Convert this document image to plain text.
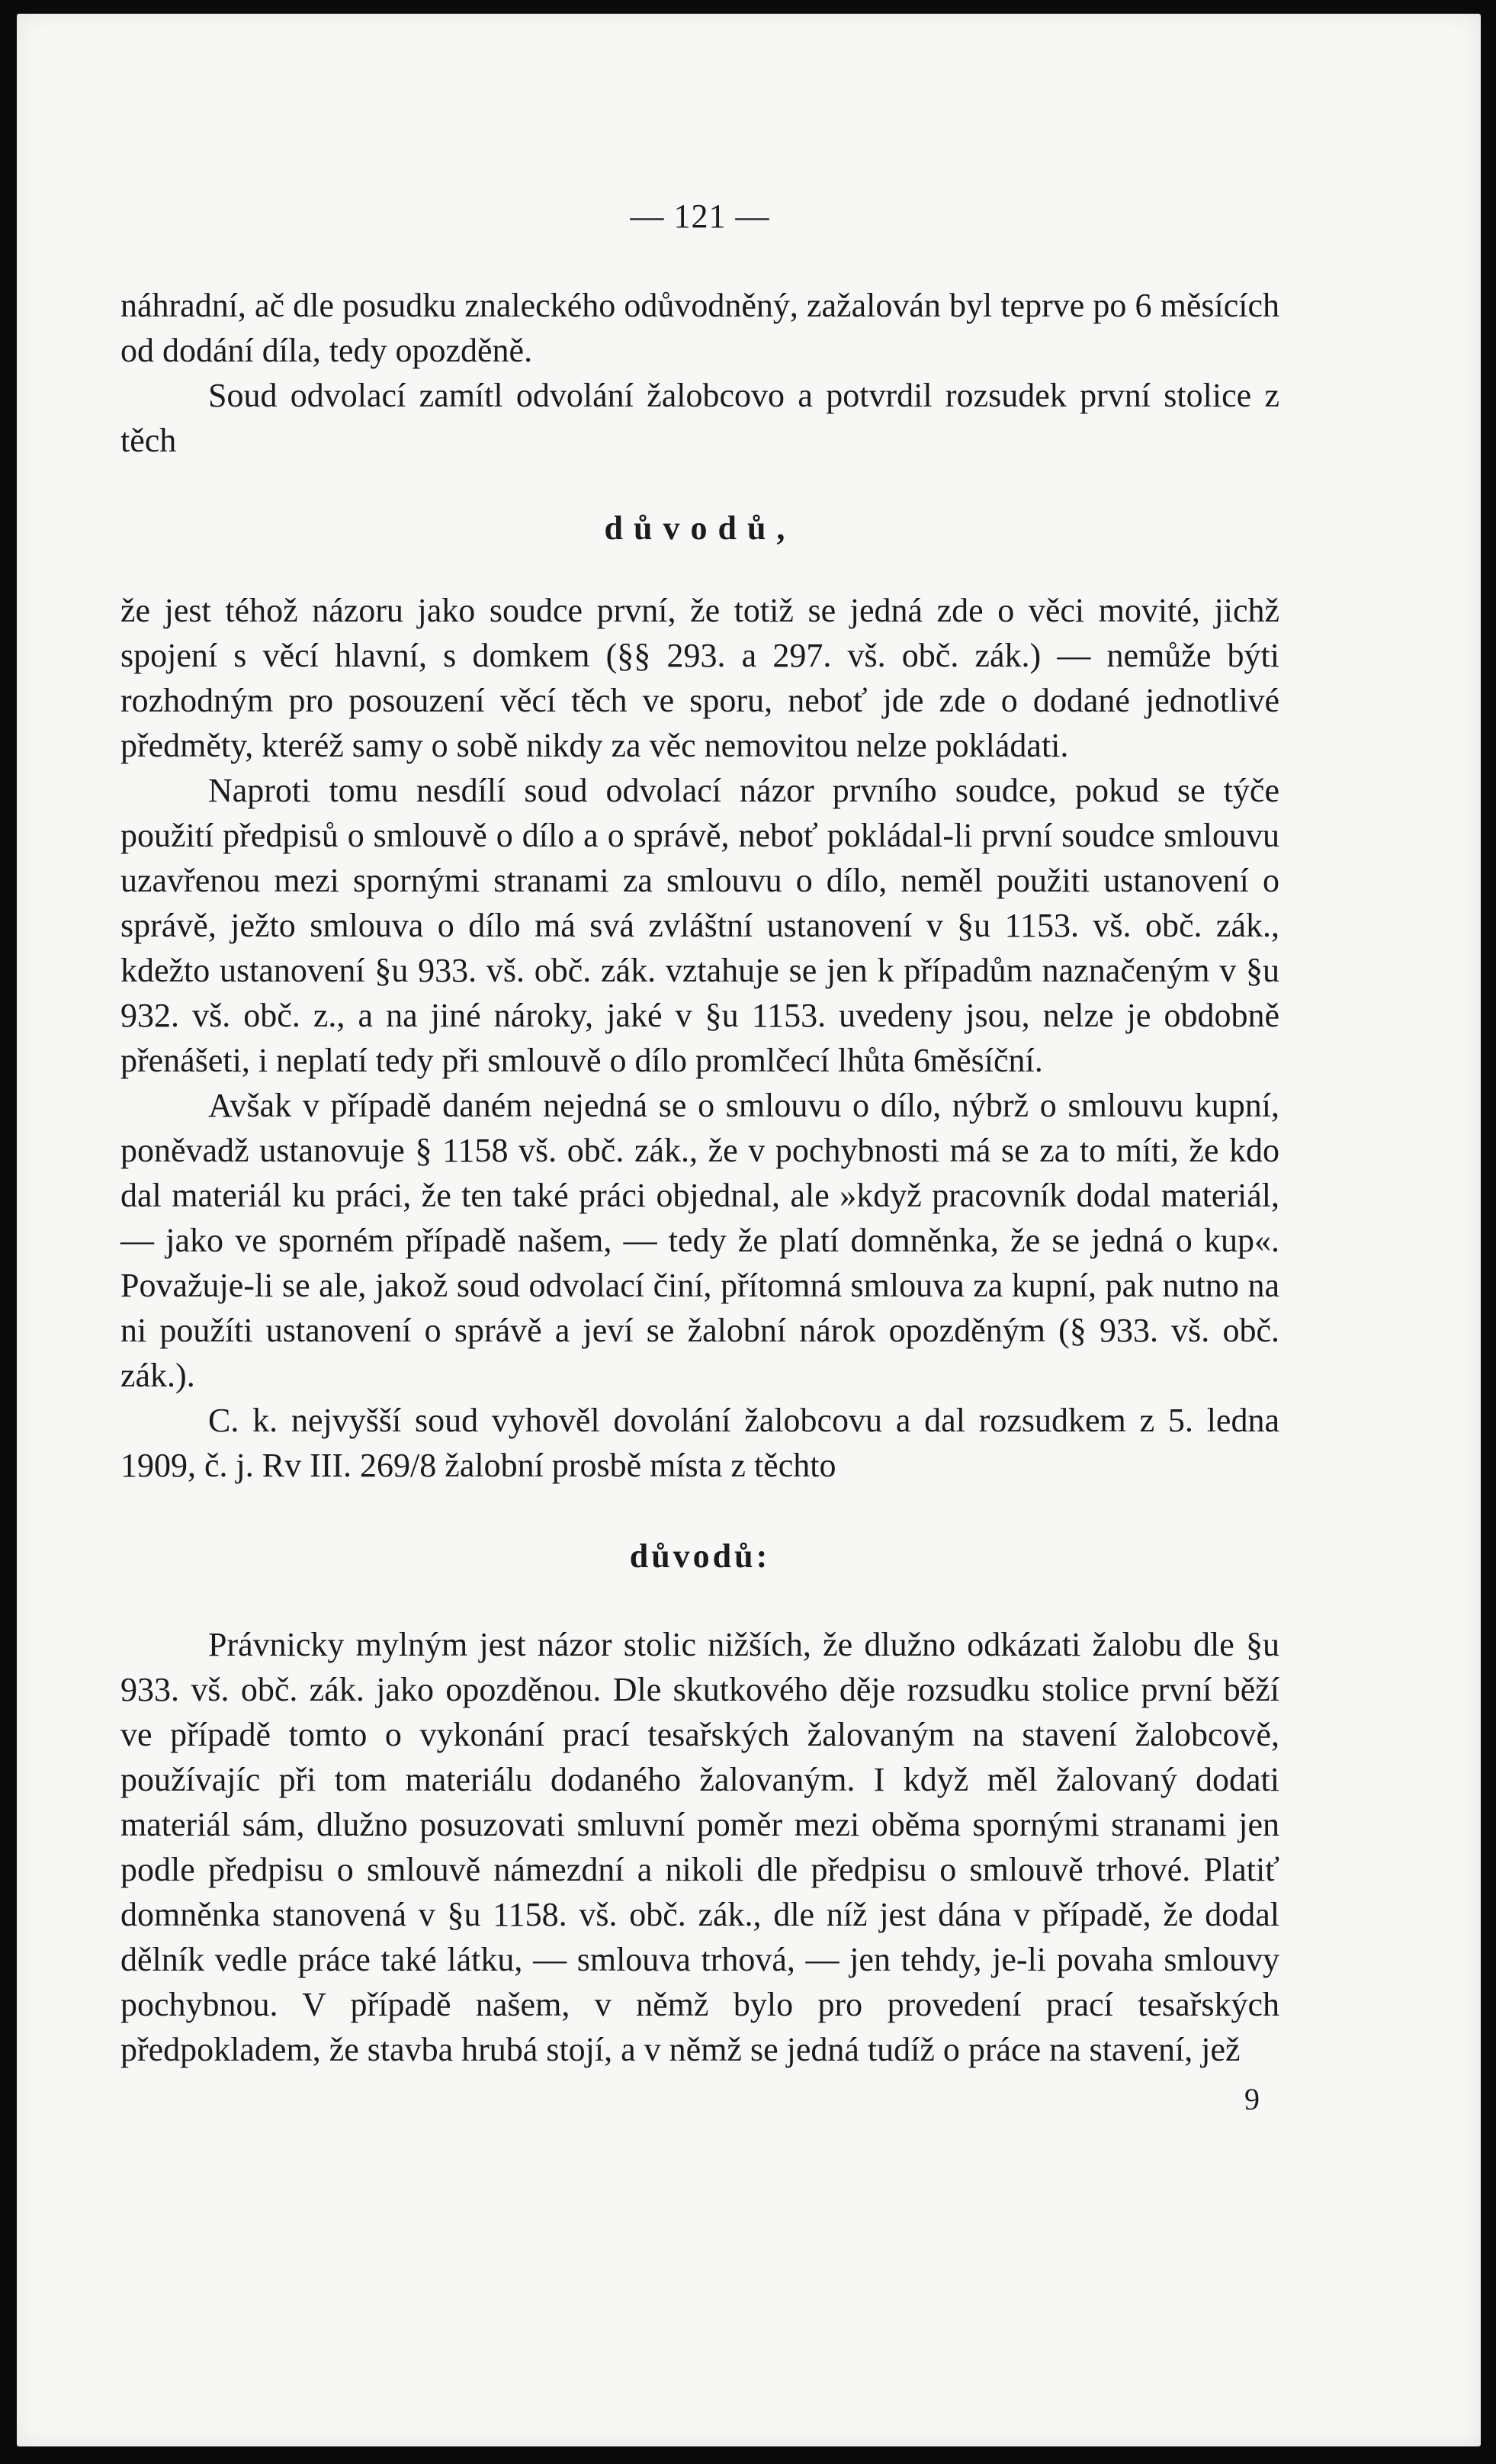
— 121 —

náhradní, ač dle posudku znaleckého odůvodněný, zažalován byl teprve po 6 měsících od dodání díla, tedy opozděně.

Soud odvolací zamítl odvolání žalobcovo a potvrdil rozsudek první stolice z těch

důvodů,

že jest téhož názoru jako soudce první, že totiž se jedná zde o věci movité, jichž spojení s věcí hlavní, s domkem (§§ 293. a 297. vš. obč. zák.) — nemůže býti rozhodným pro posouzení věcí těch ve sporu, neboť jde zde o dodané jednotlivé předměty, kteréž samy o sobě nikdy za věc nemovitou nelze pokládati.

Naproti tomu nesdílí soud odvolací názor prvního soudce, pokud se týče použití předpisů o smlouvě o dílo a o správě, neboť pokládal-li první soudce smlouvu uzavřenou mezi spornými stranami za smlouvu o dílo, neměl použiti ustanovení o správě, ježto smlouva o dílo má svá zvláštní ustanovení v §u 1153. vš. obč. zák., kdežto ustanovení §u 933. vš. obč. zák. vztahuje se jen k případům naznačeným v §u 932. vš. obč. z., a na jiné nároky, jaké v §u 1153. uvedeny jsou, nelze je obdobně přenášeti, i neplatí tedy při smlouvě o dílo promlčecí lhůta 6měsíční.

Avšak v případě daném nejedná se o smlouvu o dílo, nýbrž o smlouvu kupní, poněvadž ustanovuje § 1158 vš. obč. zák., že v pochybnosti má se za to míti, že kdo dal materiál ku práci, že ten také práci objednal, ale »když pracovník dodal materiál, — jako ve sporném případě našem, — tedy že platí domněnka, že se jedná o kup«. Považuje-li se ale, jakož soud odvolací činí, přítomná smlouva za kupní, pak nutno na ni použíti ustanovení o správě a jeví se žalobní nárok opozděným (§ 933. vš. obč. zák.).

C. k. nejvyšší soud vyhověl dovolání žalobcovu a dal rozsudkem z 5. ledna 1909, č. j. Rv III. 269/8 žalobní prosbě místa z těchto

důvodů:

Právnicky mylným jest názor stolic nižších, že dlužno odkázati žalobu dle §u 933. vš. obč. zák. jako opozděnou. Dle skutkového děje rozsudku stolice první běží ve případě tomto o vykonání prací tesařských žalovaným na stavení žalobcově, používajíc při tom materiálu dodaného žalovaným. I když měl žalovaný dodati materiál sám, dlužno posuzovati smluvní poměr mezi oběma spornými stranami jen podle předpisu o smlouvě námezdní a nikoli dle předpisu o smlouvě trhové. Platiť domněnka stanovená v §u 1158. vš. obč. zák., dle níž jest dána v případě, že dodal dělník vedle práce také látku, — smlouva trhová, — jen tehdy, je-li povaha smlouvy pochybnou. V případě našem, v němž bylo pro provedení prací tesařských předpokladem, že stavba hrubá stojí, a v němž se jedná tudíž o práce na stavení, jež

9
